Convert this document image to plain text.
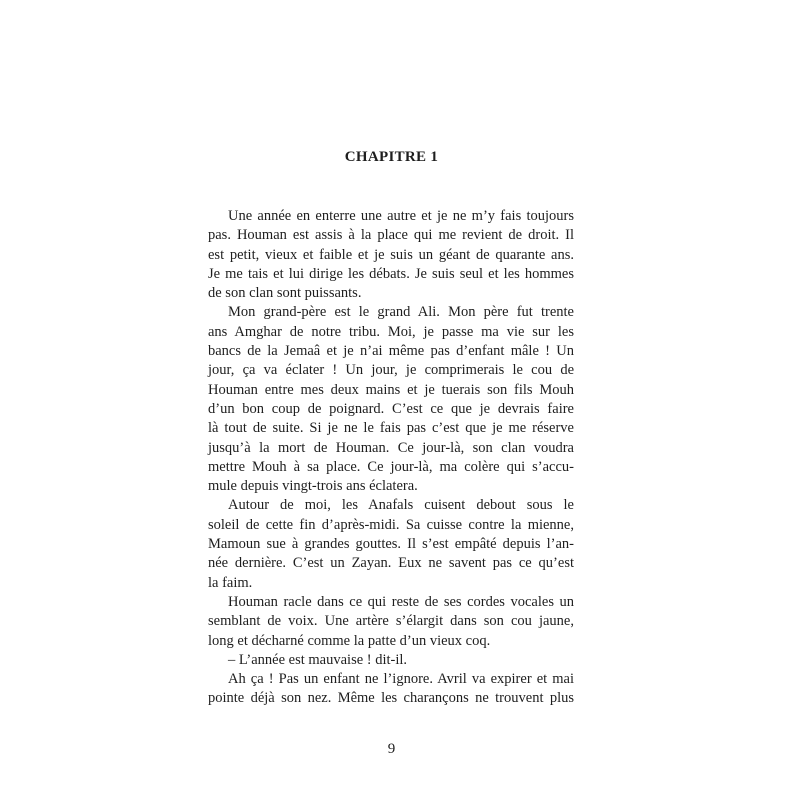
CHAPITRE 1
Une année en enterre une autre et je ne m’y fais toujours
pas. Houman est assis à la place qui me revient de droit. Il
est petit, vieux et faible et je suis un géant de quarante ans.
Je me tais et lui dirige les débats. Je suis seul et les hommes
de son clan sont puissants.
Mon grand-père est le grand Ali. Mon père fut trente
ans Amghar de notre tribu. Moi, je passe ma vie sur les
bancs de la Jemaâ et je n’ai même pas d’enfant mâle ! Un
jour, ça va éclater ! Un jour, je comprimerais le cou de
Houman entre mes deux mains et je tuerais son fils Mouh
d’un bon coup de poignard. C’est ce que je devrais faire
là tout de suite. Si je ne le fais pas c’est que je me réserve
jusqu’à la mort de Houman. Ce jour-là, son clan voudra
mettre Mouh à sa place. Ce jour-là, ma colère qui s’accu-
mule depuis vingt-trois ans éclatera.
Autour de moi, les Anafals cuisent debout sous le
soleil de cette fin d’après-midi. Sa cuisse contre la mienne,
Mamoun sue à grandes gouttes. Il s’est empâté depuis l’an-
née dernière. C’est un Zayan. Eux ne savent pas ce qu’est
la faim.
Houman racle dans ce qui reste de ses cordes vocales un
semblant de voix. Une artère s’élargit dans son cou jaune,
long et décharné comme la patte d’un vieux coq.
– L’année est mauvaise ! dit-il.
Ah ça ! Pas un enfant ne l’ignore. Avril va expirer et mai
pointe déjà son nez. Même les charançons ne trouvent plus
9
